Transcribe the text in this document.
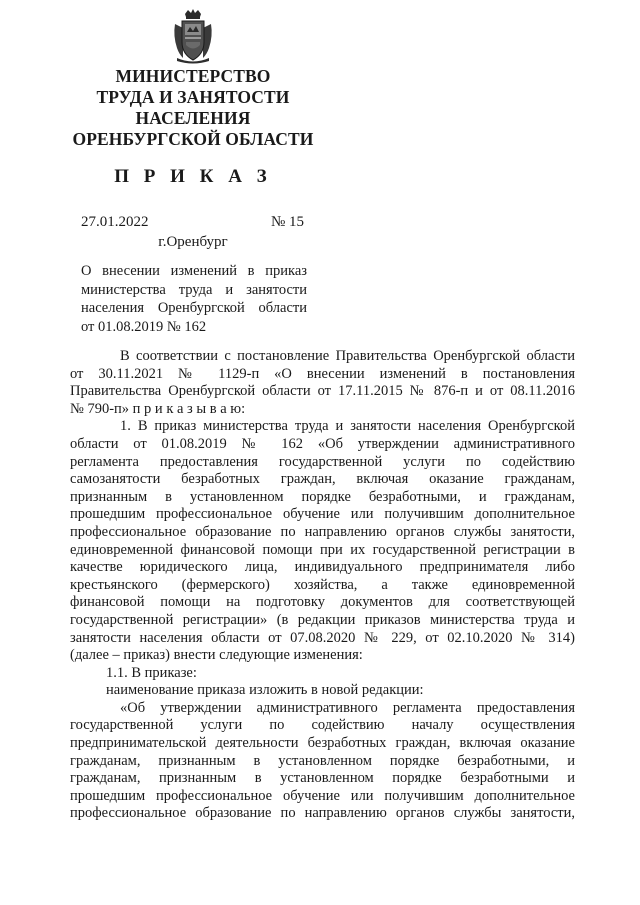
МИНИСТЕРСТВО
ТРУДА И ЗАНЯТОСТИ
НАСЕЛЕНИЯ
ОРЕНБУРГСКОЙ ОБЛАСТИ
П Р И К А З
27.01.2022	№ 15
г.Оренбург
О внесении изменений в приказ
министерства труда и занятости
населения Оренбургской области
от 01.08.2019 № 162
В соответствии с постановление Правительства Оренбургской области
от 30.11.2021 № 1129-п «О внесении изменений в постановления
Правительства Оренбургской области от 17.11.2015 № 876-п и от 08.11.2016
№ 790-п» п р и к а з ы в а ю:
1. В приказ министерства труда и занятости населения Оренбургской
области от 01.08.2019 № 162 «Об утверждении административного
регламента предоставления государственной услуги по содействию
самозанятости безработных граждан, включая оказание гражданам,
признанным в установленном порядке безработными, и гражданам,
прошедшим профессиональное обучение или получившим дополнительное
профессиональное образование по направлению органов службы занятости,
единовременной финансовой помощи при их государственной регистрации в
качестве юридического лица, индивидуального предпринимателя либо
крестьянского (фермерского) хозяйства, а также единовременной
финансовой помощи на подготовку документов для соответствующей
государственной регистрации» (в редакции приказов министерства труда и
занятости населения области от 07.08.2020 № 229, от 02.10.2020 № 314)
(далее – приказ) внести следующие изменения:
1.1. В приказе:
наименование приказа изложить в новой редакции:
«Об утверждении административного регламента предоставления
государственной услуги по содействию началу осуществления
предпринимательской деятельности безработных граждан, включая оказание
гражданам, признанным в установленном порядке безработными, и
гражданам, признанным в установленном порядке безработными и
прошедшим профессиональное обучение или получившим дополнительное
профессиональное образование по направлению органов службы занятости,
